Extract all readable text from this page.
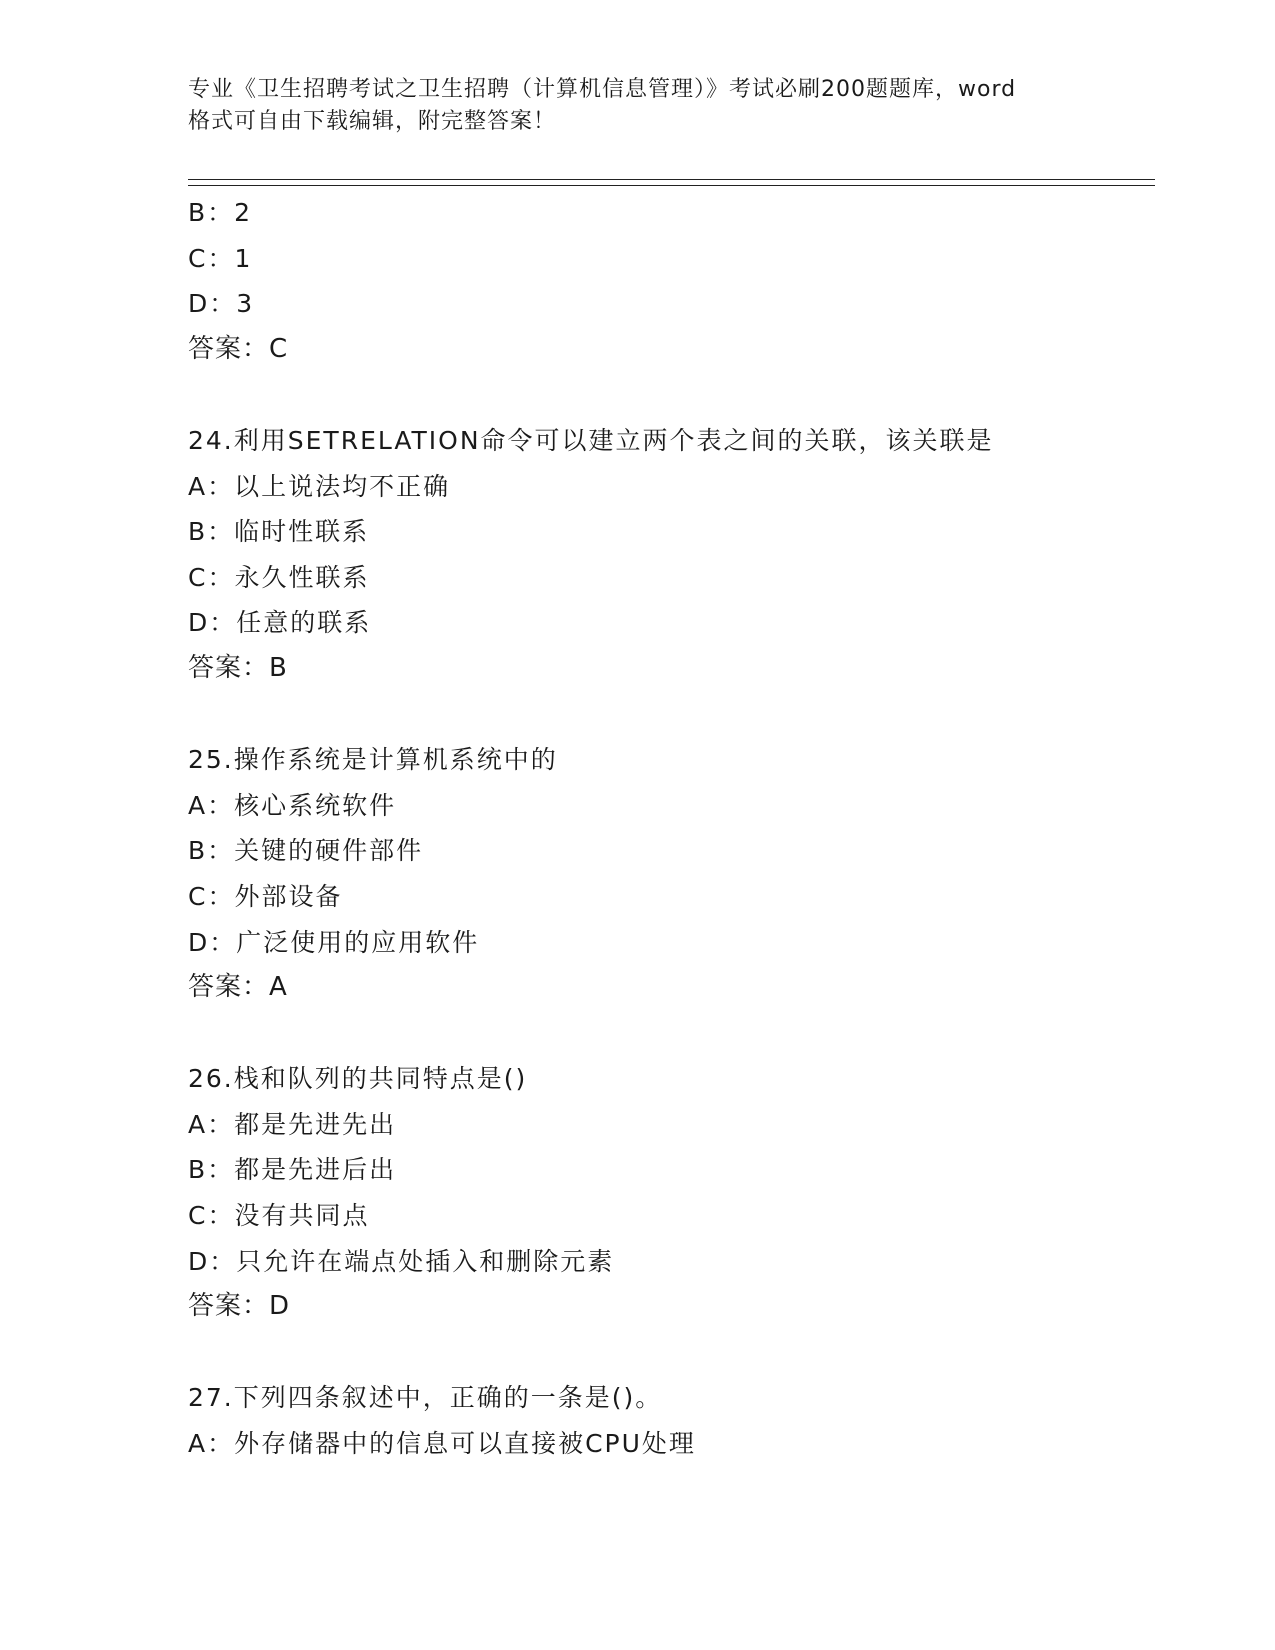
专业《卫生招聘考试之卫生招聘（计算机信息管理）》考试必刷200题题库，word
格式可自由下载编辑，附完整答案！
B：2
C：1
D：3
答案：C
24.利用SETRELATION命令可以建立两个表之间的关联，该关联是
A：以上说法均不正确
B：临时性联系
C：永久性联系
D：任意的联系
答案：B
25.操作系统是计算机系统中的
A：核心系统软件
B：关键的硬件部件
C：外部设备
D：广泛使用的应用软件
答案：A
26.栈和队列的共同特点是()
A：都是先进先出
B：都是先进后出
C：没有共同点
D：只允许在端点处插入和删除元素
答案：D
27.下列四条叙述中，正确的一条是()。
A：外存储器中的信息可以直接被CPU处理
